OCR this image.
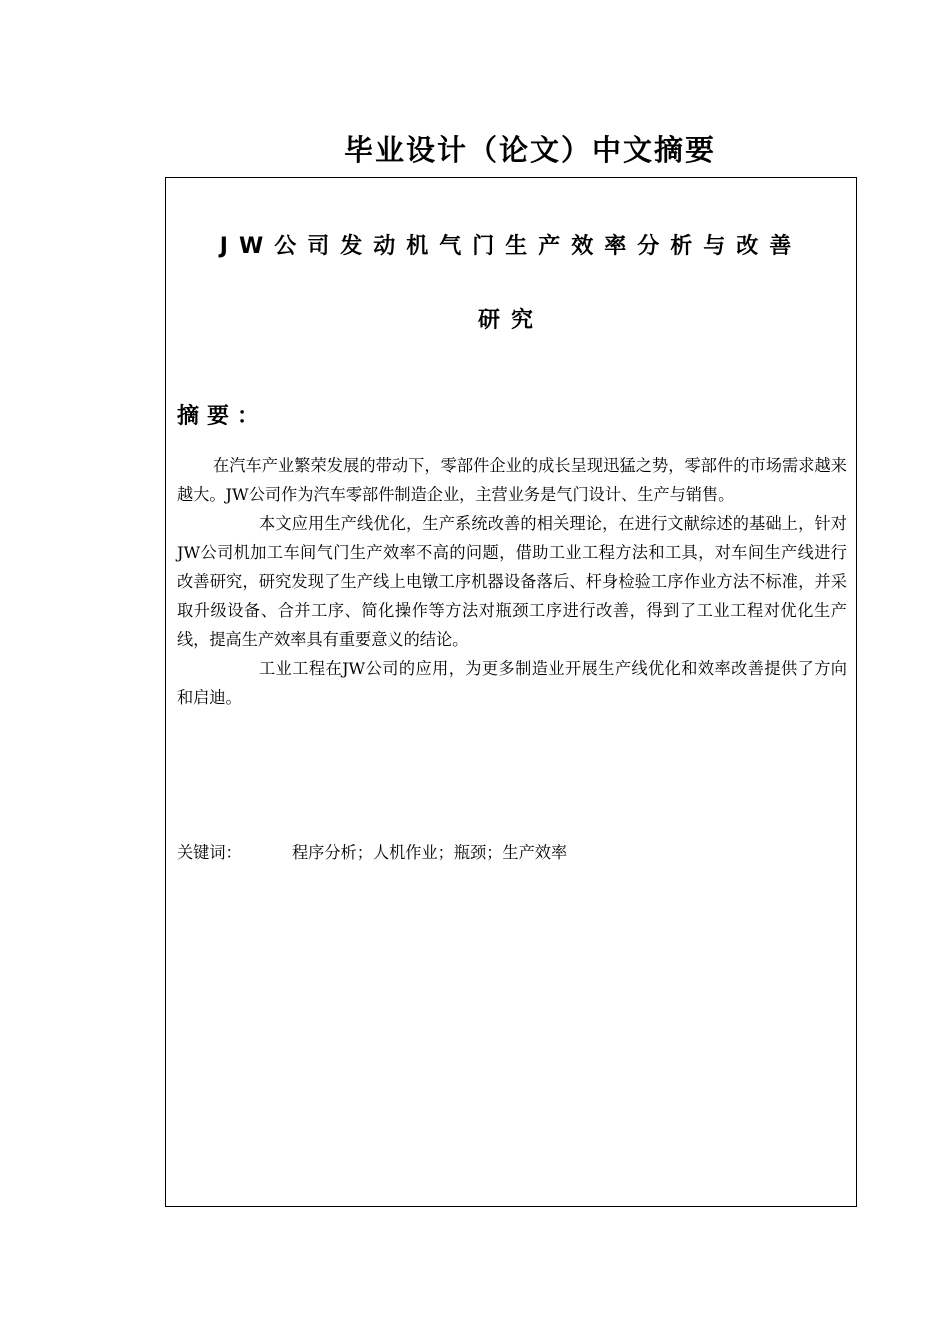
毕业设计（论文）中文摘要
JW公司发动机气门生产效率分析与改善
研究
摘要：

在汽车产业繁荣发展的带动下，零部件企业的成长呈现迅猛之势，零部件的市场需求越来越大。JW公司作为汽车零部件制造企业，主营业务是气门设计、生产与销售。

本文应用生产线优化，生产系统改善的相关理论，在进行文献综述的基础上，针对JW公司机加工车间气门生产效率不高的问题，借助工业工程方法和工具，对车间生产线进行改善研究，研究发现了生产线上电镦工序机器设备落后、杆身检验工序作业方法不标准，并采取升级设备、合并工序、简化操作等方法对瓶颈工序进行改善，得到了工业工程对优化生产线，提高生产效率具有重要意义的结论。

工业工程在JW公司的应用，为更多制造业开展生产线优化和效率改善提供了方向和启迪。

关键词：	程序分析；人机作业；瓶颈；生产效率
